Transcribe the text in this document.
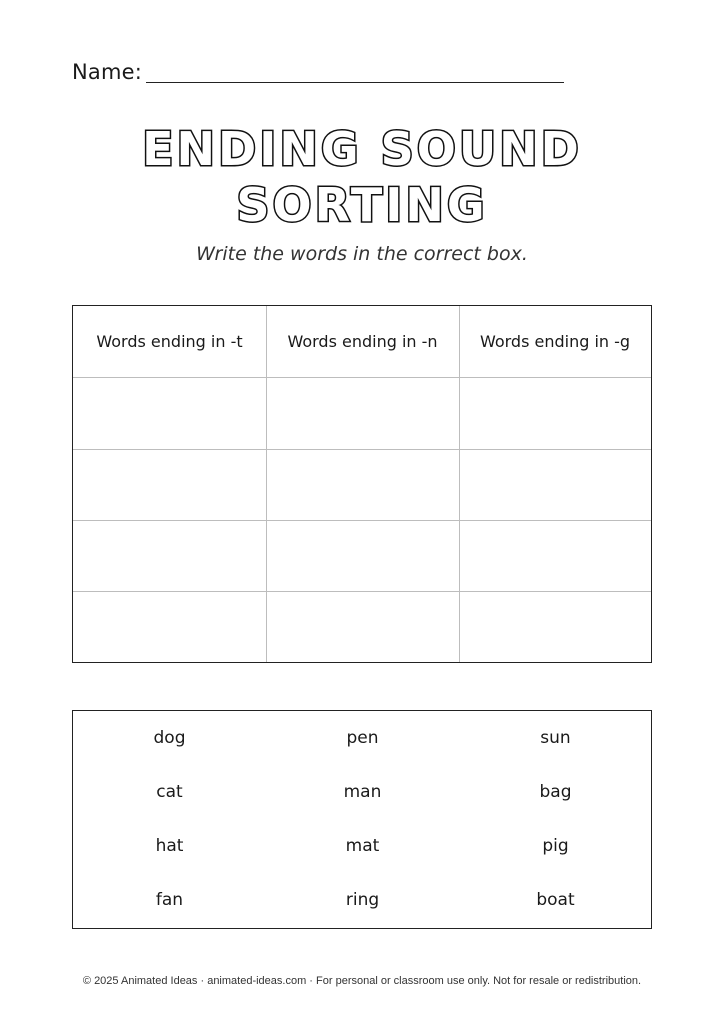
Name:
ENDING SOUND
SORTING
Write the words in the correct box.
Words ending in -t	Words ending in -n	Words ending in -g
dog	pen	sun
cat	man	bag
hat	mat	pig
fan	ring	boat
© 2025 Animated Ideas · animated-ideas.com · For personal or classroom use only. Not for resale or redistribution.
